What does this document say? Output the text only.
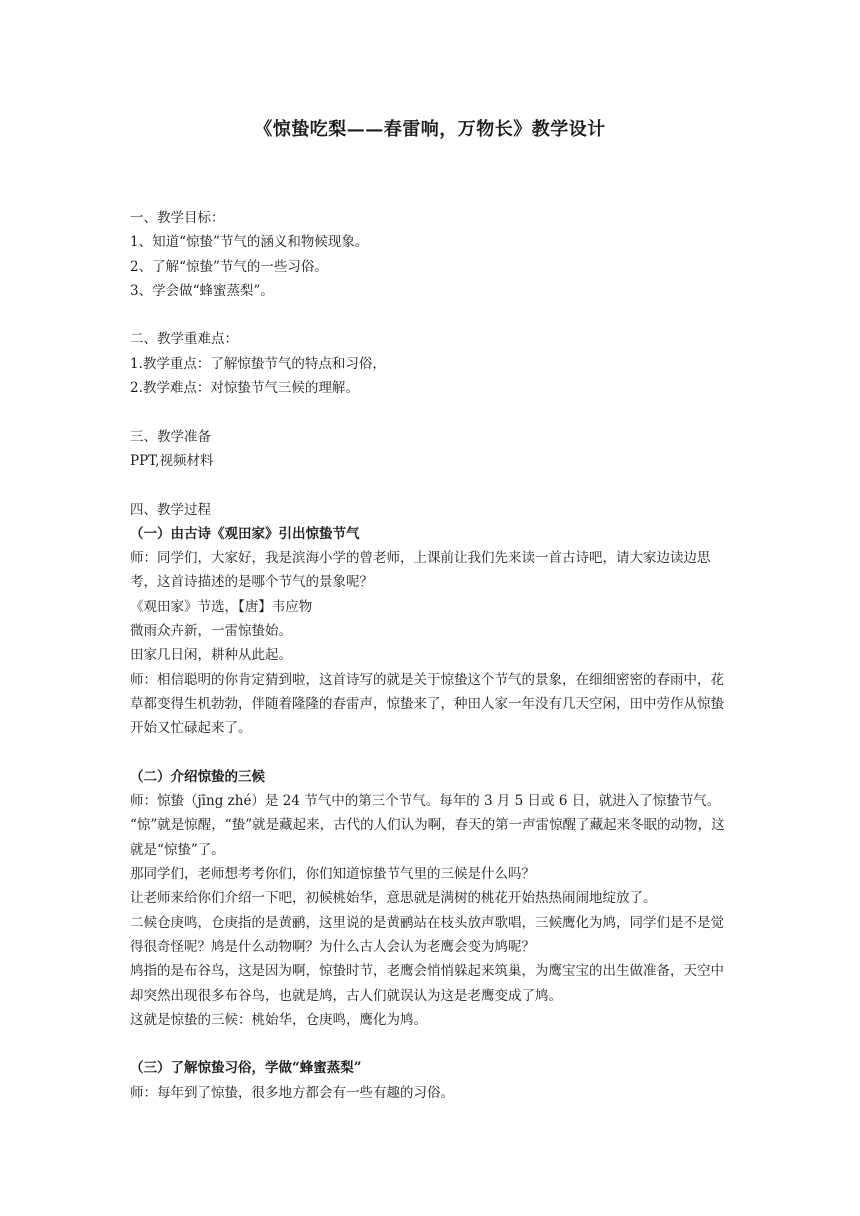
《惊蛰吃梨——春雷响，万物长》教学设计
一、教学目标：
1、知道“惊蛰”节气的涵义和物候现象。
2、了解“惊蛰”节气的一些习俗。
3、学会做“蜂蜜蒸梨”。
二、教学重难点：
1.教学重点：了解惊蛰节气的特点和习俗，
2.教学难点：对惊蛰节气三候的理解。
三、教学准备
PPT,视频材料
四、教学过程
（一）由古诗《观田家》引出惊蛰节气
师：同学们，大家好，我是滨海小学的曾老师，上课前让我们先来读一首古诗吧，请大家边读边思考，这首诗描述的是哪个节气的景象呢？
《观田家》节选，【唐】韦应物
微雨众卉新，一雷惊蛰始。
田家几日闲，耕种从此起。
师：相信聪明的你肯定猜到啦，这首诗写的就是关于惊蛰这个节气的景象，在细细密密的春雨中，花草都变得生机勃勃，伴随着隆隆的春雷声，惊蛰来了，种田人家一年没有几天空闲，田中劳作从惊蛰开始又忙碌起来了。
（二）介绍惊蛰的三候
师：惊蛰（jīng zhé）是 24 节气中的第三个节气。每年的 3 月 5 日或 6 日，就进入了惊蛰节气。
“惊”就是惊醒，“蛰”就是藏起来，古代的人们认为啊，春天的第一声雷惊醒了藏起来冬眠的动物，这就是“惊蛰”了。
那同学们，老师想考考你们，你们知道惊蛰节气里的三候是什么吗？
让老师来给你们介绍一下吧，初候桃始华，意思就是满树的桃花开始热热闹闹地绽放了。
二候仓庚鸣，仓庚指的是黄鹂，这里说的是黄鹂站在枝头放声歌唱，三候鹰化为鸠，同学们是不是觉得很奇怪呢？鸠是什么动物啊？为什么古人会认为老鹰会变为鸠呢？
鸠指的是布谷鸟，这是因为啊，惊蛰时节，老鹰会悄悄躲起来筑巢，为鹰宝宝的出生做准备，天空中却突然出现很多布谷鸟，也就是鸠，古人们就误认为这是老鹰变成了鸠。
这就是惊蛰的三候：桃始华，仓庚鸣，鹰化为鸠。
（三）了解惊蛰习俗，学做“蜂蜜蒸梨”
师：每年到了惊蛰，很多地方都会有一些有趣的习俗。
